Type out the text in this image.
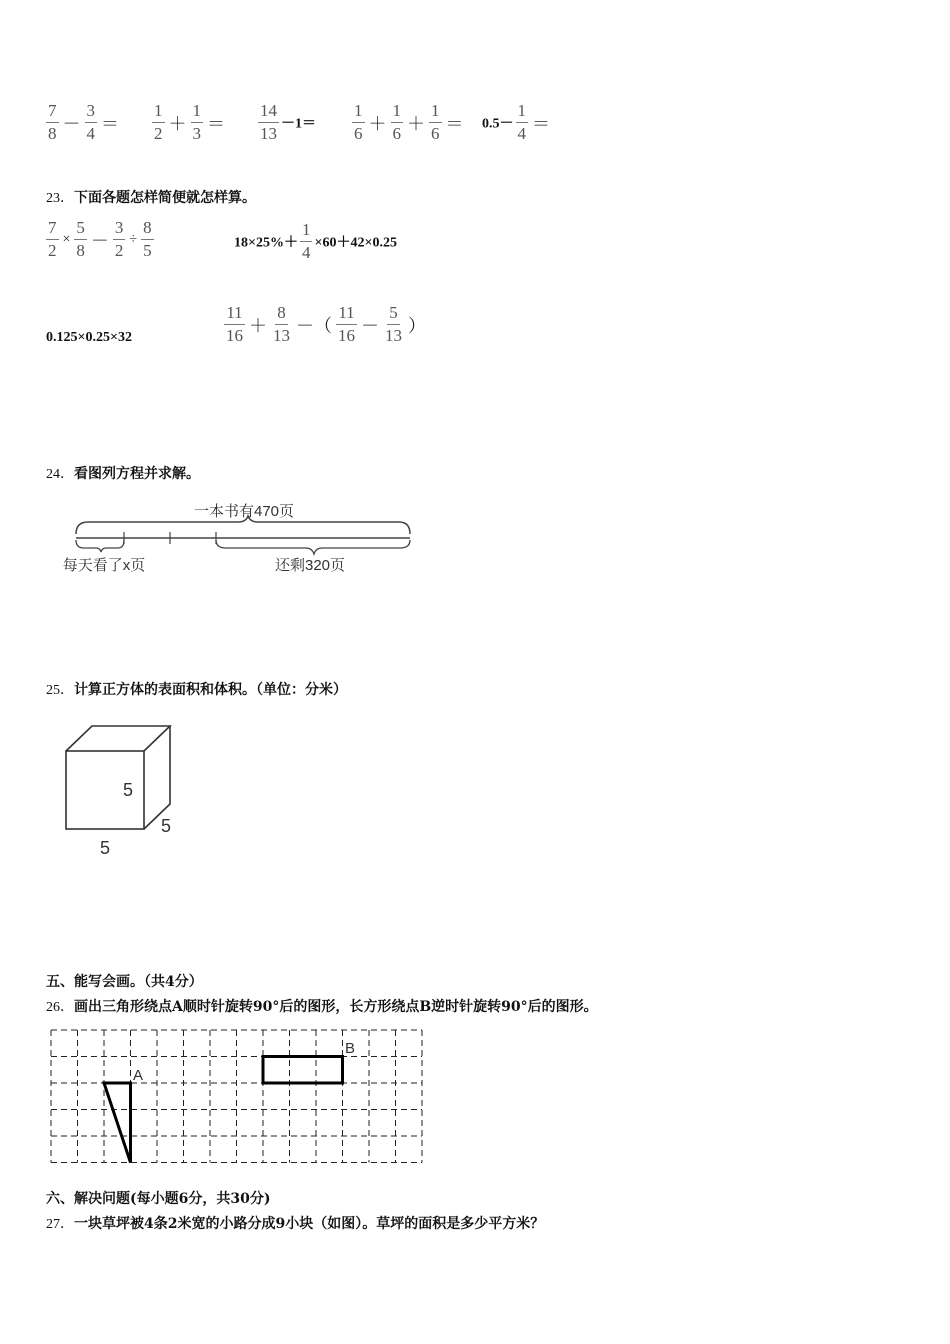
$\frac{7}{8} - \frac{3}{4} = \frac{1}{2} + \frac{1}{3} = \frac{14}{13} -1= \frac{1}{6} + \frac{1}{6} + \frac{1}{6} = 0.5- \frac{1}{4}$ ＝
23．下面各题怎样简便就怎样算。
$\frac{7}{2} \times \frac{5}{8} - \frac{3}{2} \div \frac{8}{5}$	$18\times 25\%+ \frac{1}{4} \times 60+42\times 0.25$
0.125×0.25×32	$\frac{11}{16} + \frac{8}{13}$ －（ $\frac{11}{16} - \frac{5}{13}$ ）
24．看图列方程并求解。
一本书有470页
每天看了x页	还剩320页
25．计算正方体的表面积和体积。（单位：分米）
5
5
5
五、能写会画。（共4分）
26．画出三角形绕点A顺时针旋转90°后的图形，长方形绕点B逆时针旋转90°后的图形。
A
B
六、解决问题(每小题6分，共30分)
27．一块草坪被4条2米宽的小路分成9小块（如图）。草坪的面积是多少平方米？
